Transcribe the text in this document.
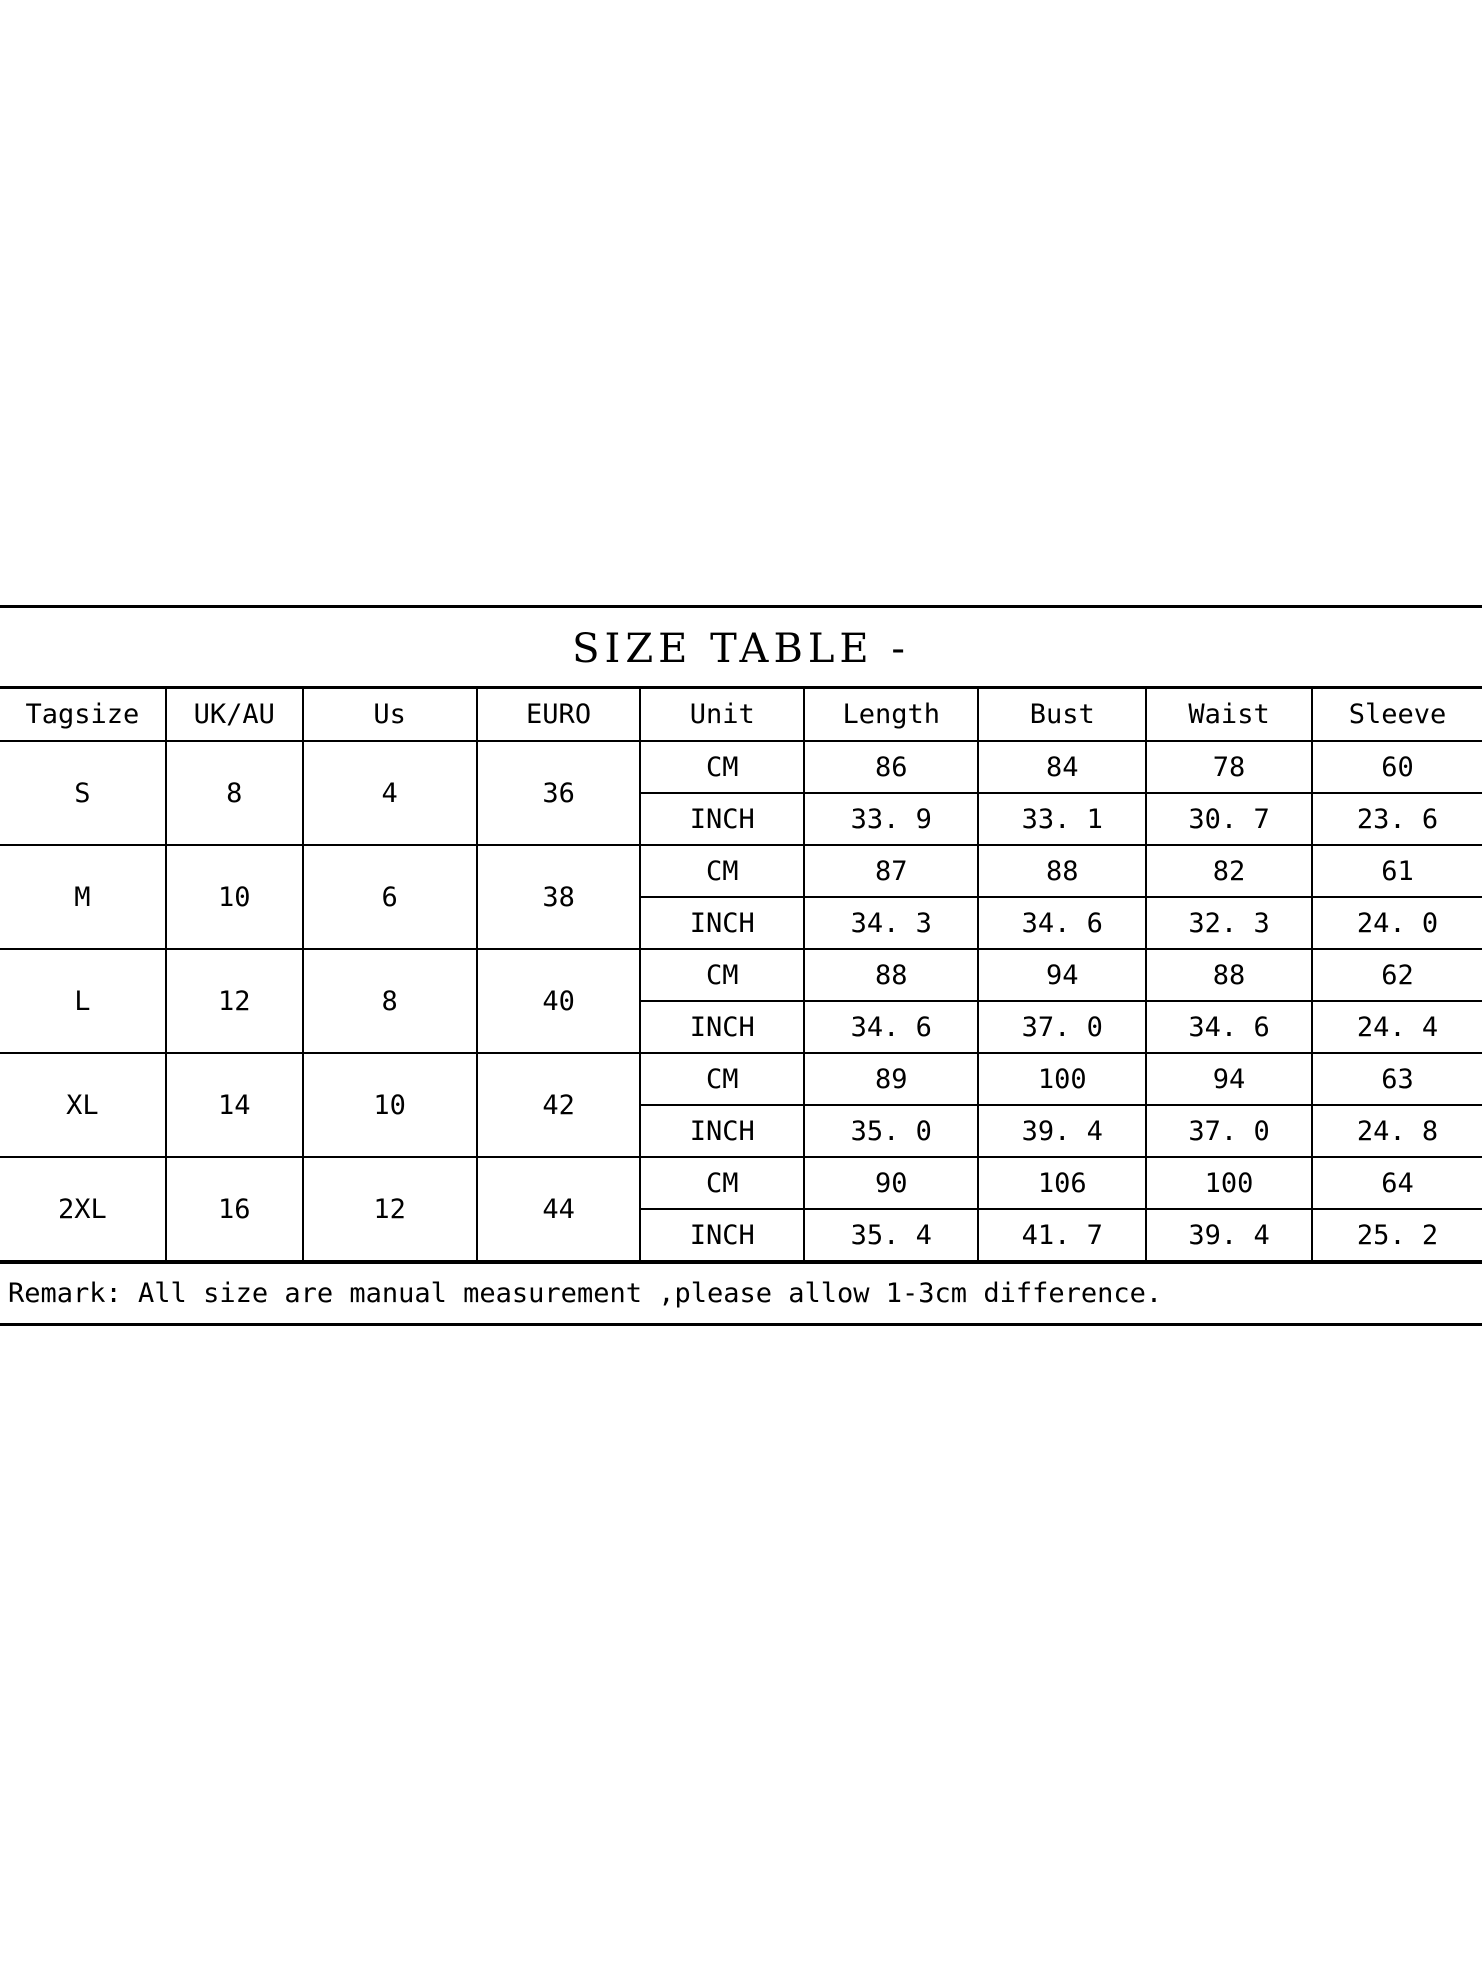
SIZE TABLE -
Tagsize	UK/AU	Us	EURO	Unit	Length	Bust	Waist	Sleeve
S	8	4	36	CM	86	84	78	60
				INCH	33. 9	33. 1	30. 7	23. 6
M	10	6	38	CM	87	88	82	61
				INCH	34. 3	34. 6	32. 3	24. 0
L	12	8	40	CM	88	94	88	62
				INCH	34. 6	37. 0	34. 6	24. 4
XL	14	10	42	CM	89	100	94	63
				INCH	35. 0	39. 4	37. 0	24. 8
2XL	16	12	44	CM	90	106	100	64
				INCH	35. 4	41. 7	39. 4	25. 2
Remark: All size are manual measurement ,please allow 1-3cm difference.
